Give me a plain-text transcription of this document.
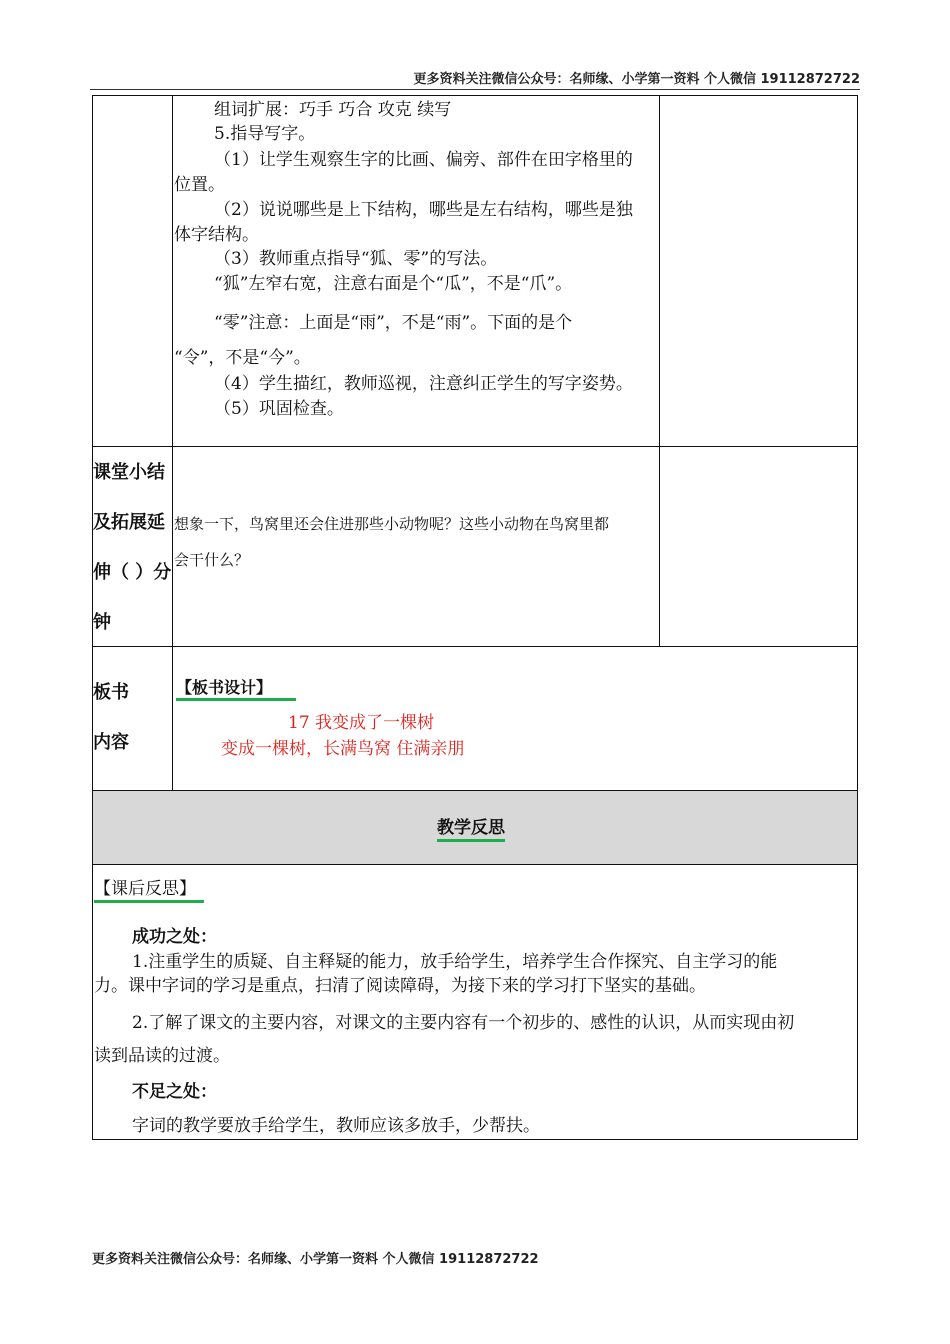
更多资料关注微信公众号：名师缘、小学第一资料 个人微信 19112872722
组词扩展：巧手 巧合 攻克 续写
5.指导写字。
（1）让学生观察生字的比画、偏旁、部件在田字格里的
位置。
（2）说说哪些是上下结构，哪些是左右结构，哪些是独
体字结构。
（3）教师重点指导“狐、零”的写法。
“狐”左窄右宽，注意右面是个“瓜”，不是“爪”。
“零”注意：上面是“雨”，不是“雨”。下面的是个
“令”，不是“今”。
（4）学生描红，教师巡视，注意纠正学生的写字姿势。
（5）巩固检查。
课堂小结
及拓展延
伸（ ）分
钟
想象一下，鸟窝里还会住进那些小动物呢？这些小动物在鸟窝里都
会干什么？
板书
内容
【板书设计】
17 我变成了一棵树
变成一棵树，长满鸟窝 住满亲朋
教学反思
【课后反思】
成功之处：
1.注重学生的质疑、自主释疑的能力，放手给学生，培养学生合作探究、自主学习的能
力。课中字词的学习是重点，扫清了阅读障碍，为接下来的学习打下坚实的基础。
2.了解了课文的主要内容，对课文的主要内容有一个初步的、感性的认识，从而实现由初
读到品读的过渡。
不足之处：
字词的教学要放手给学生，教师应该多放手，少帮扶。
更多资料关注微信公众号：名师缘、小学第一资料 个人微信 19112872722
